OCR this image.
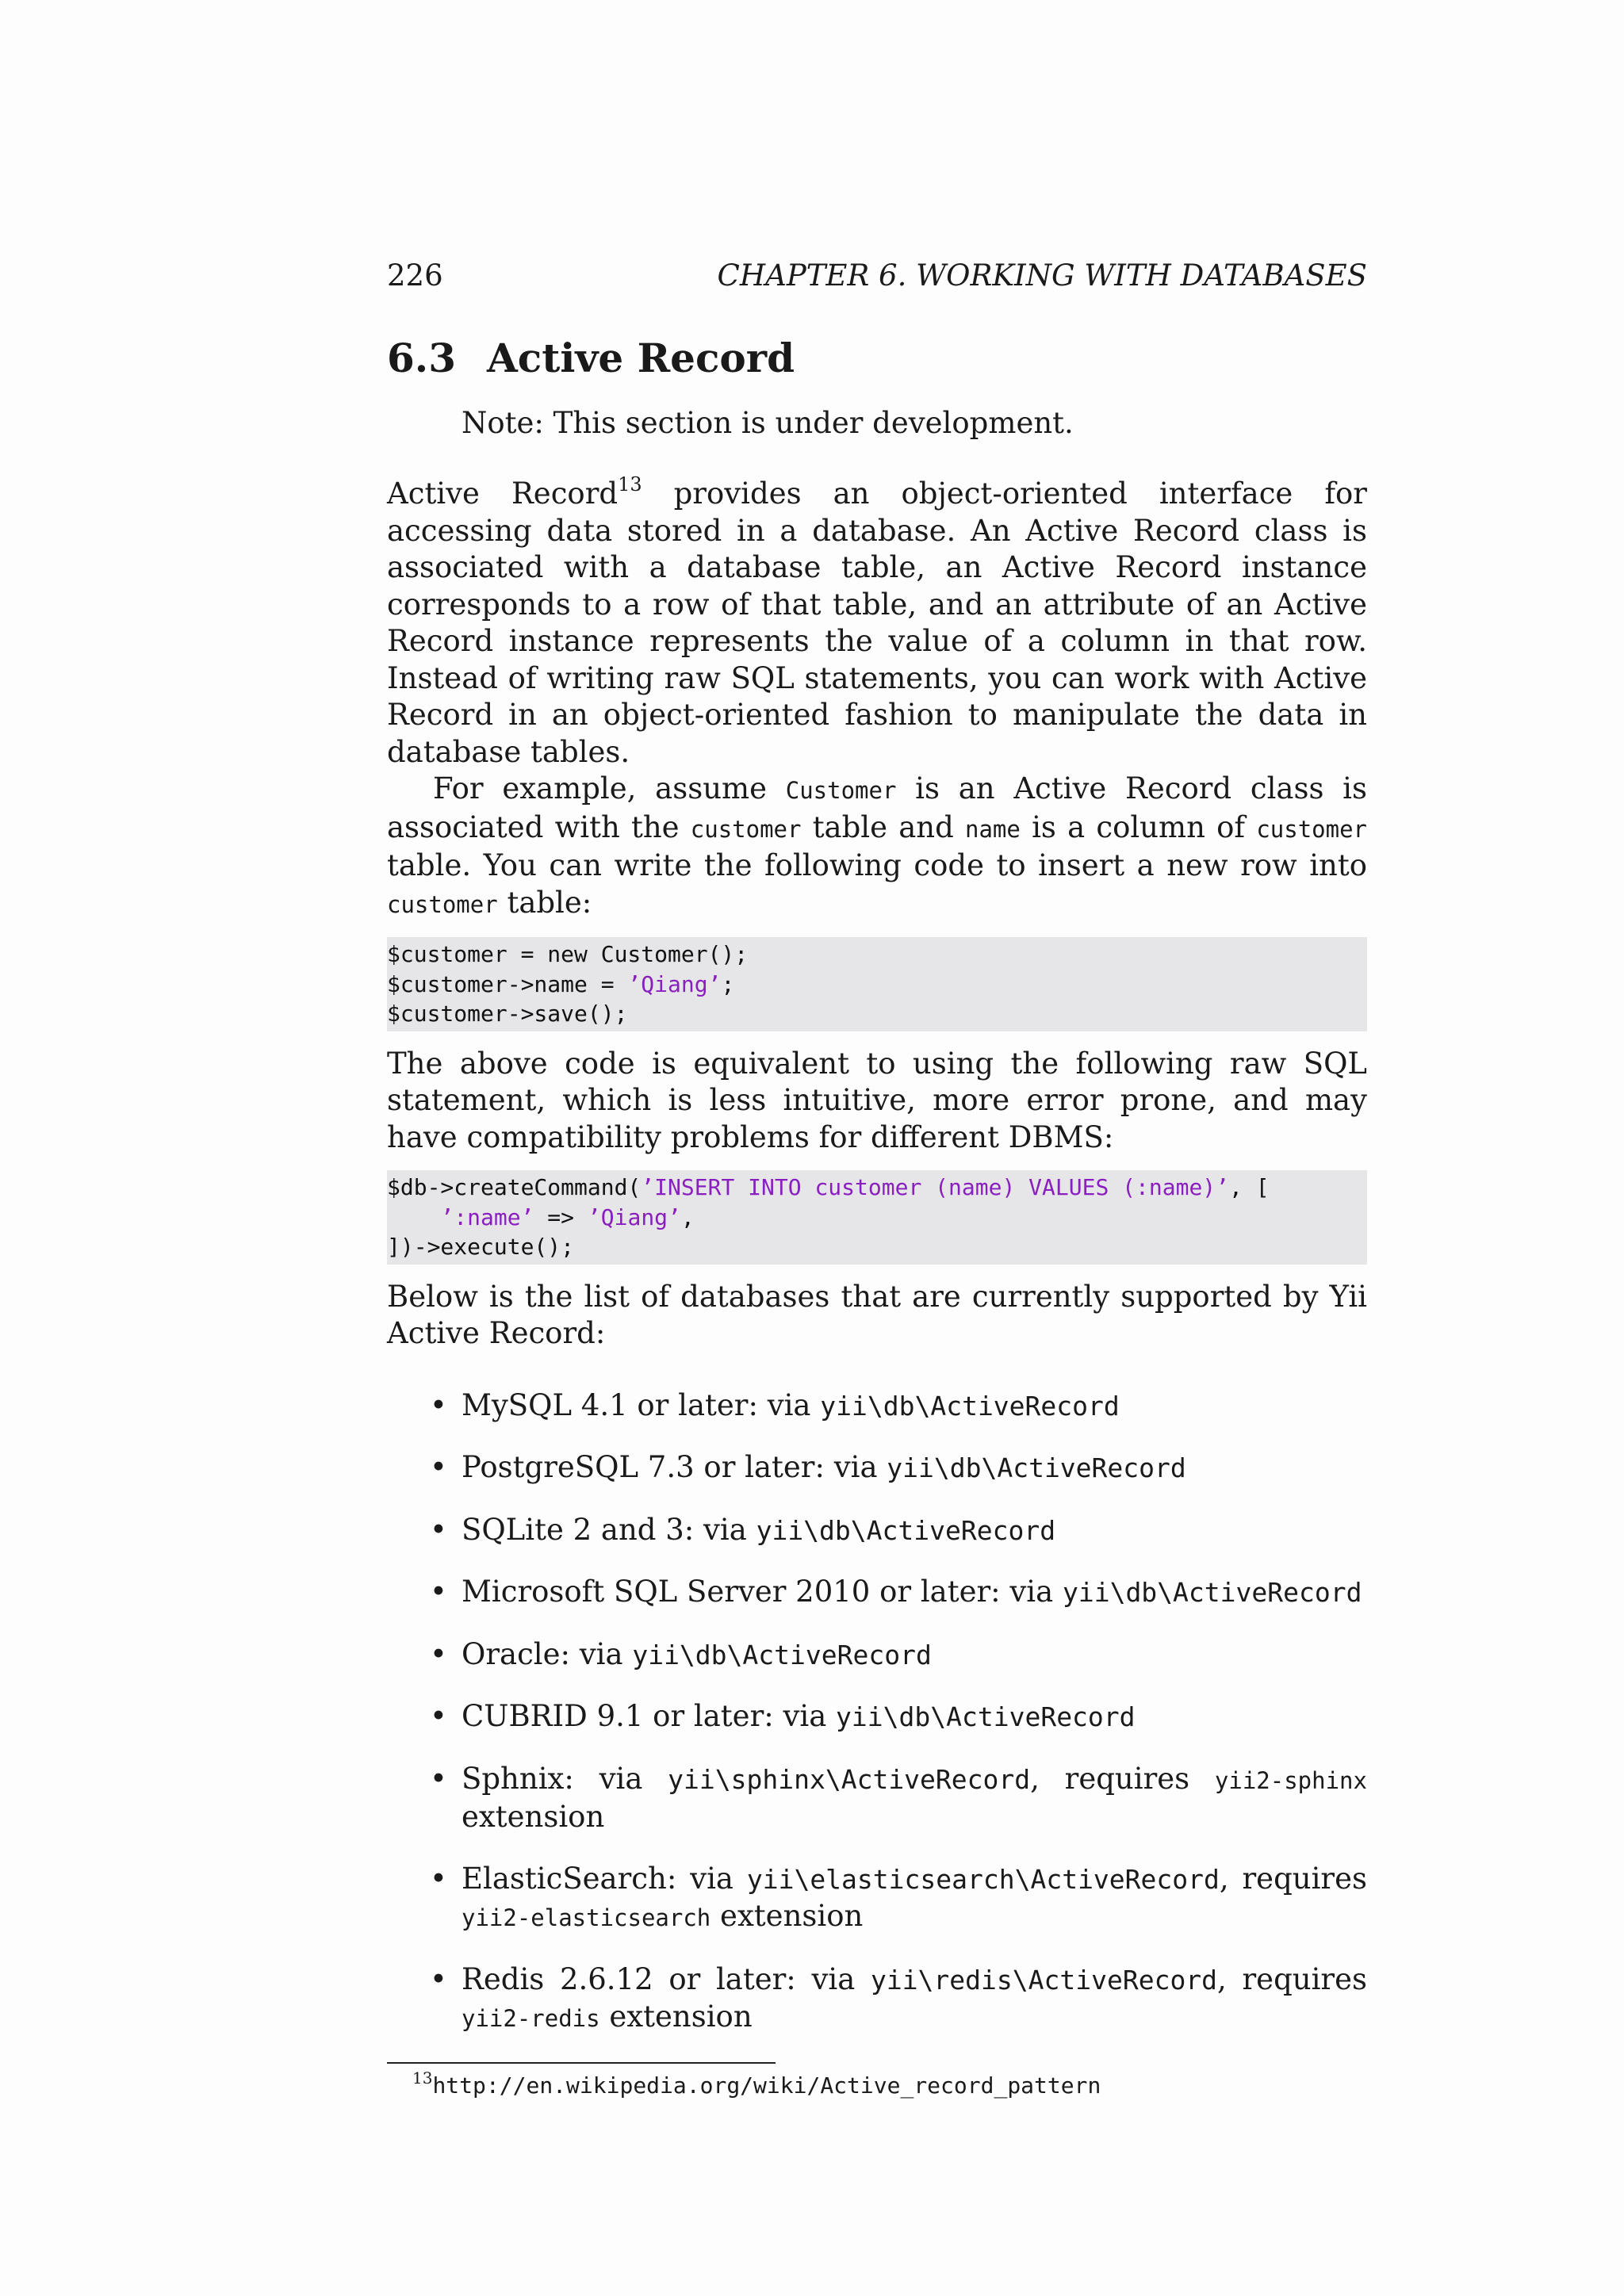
226	CHAPTER 6. WORKING WITH DATABASES
6.3 Active Record
Note: This section is under development.

Active Record$^{13}$ provides an object-oriented interface for accessing data stored in a database. An Active Record class is associated with a database table, an Active Record instance corresponds to a row of that table, and an attribute of an Active Record instance represents the value of a column in that row. Instead of writing raw SQL statements, you can work with Active Record in an object-oriented fashion to manipulate the data in database tables.

For example, assume Customer is an Active Record class is associated with the customer table and name is a column of customer table. You can write the following code to insert a new row into customer table:

$customer = new Customer();
$customer->name = ’Qiang’;
$customer->save();

The above code is equivalent to using the following raw SQL statement, which is less intuitive, more error prone, and may have compatibility problems for different DBMS:

$db->createCommand(’INSERT INTO customer (name) VALUES (:name)’, [
’:name’ => ’Qiang’,
])->execute();

Below is the list of databases that are currently supported by Yii Active Record:

• MySQL 4.1 or later: via yii\db\ActiveRecord
• PostgreSQL 7.3 or later: via yii\db\ActiveRecord
• SQLite 2 and 3: via yii\db\ActiveRecord
• Microsoft SQL Server 2010 or later: via yii\db\ActiveRecord
• Oracle: via yii\db\ActiveRecord
• CUBRID 9.1 or later: via yii\db\ActiveRecord
• Sphnix: via yii\sphinx\ActiveRecord, requires yii2-sphinx extension
• ElasticSearch: via yii\elasticsearch\ActiveRecord, requires yii2-elasticsearch extension
• Redis 2.6.12 or later: via yii\redis\ActiveRecord, requires yii2-redis extension
$^{13}$http://en.wikipedia.org/wiki/Active_record_pattern
